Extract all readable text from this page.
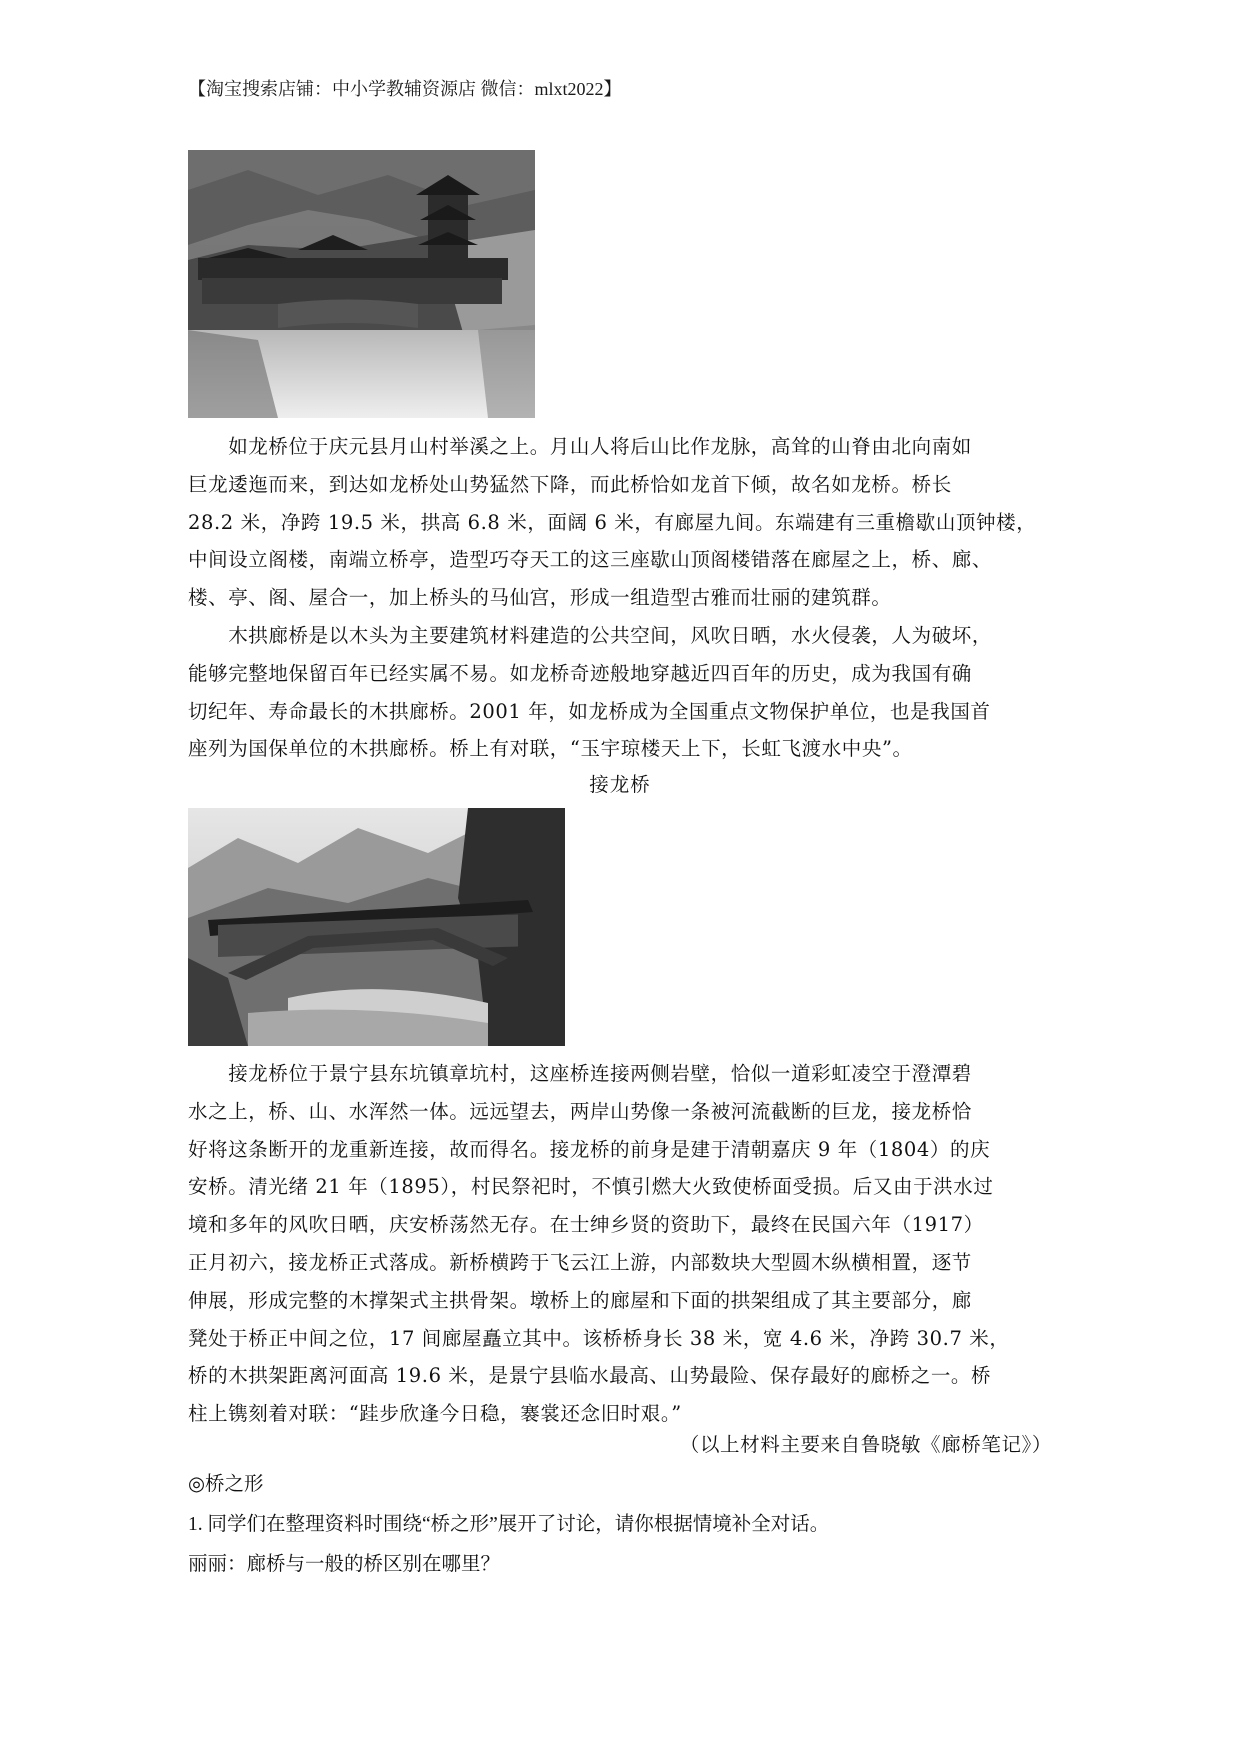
【淘宝搜索店铺：中小学教辅资源店 微信：mlxt2022】
　　如龙桥位于庆元县月山村举溪之上。月山人将后山比作龙脉，高耸的山脊由北向南如
巨龙逶迤而来，到达如龙桥处山势猛然下降，而此桥恰如龙首下倾，故名如龙桥。桥长
28.2 米，净跨 19.5 米，拱高 6.8 米，面阔 6 米，有廊屋九间。东端建有三重檐歇山顶钟楼，
中间设立阁楼，南端立桥亭，造型巧夺天工的这三座歇山顶阁楼错落在廊屋之上，桥、廊、
楼、亭、阁、屋合一，加上桥头的马仙宫，形成一组造型古雅而壮丽的建筑群。
　　木拱廊桥是以木头为主要建筑材料建造的公共空间，风吹日晒，水火侵袭，人为破坏，
能够完整地保留百年已经实属不易。如龙桥奇迹般地穿越近四百年的历史，成为我国有确
切纪年、寿命最长的木拱廊桥。2001 年，如龙桥成为全国重点文物保护单位，也是我国首
座列为国保单位的木拱廊桥。桥上有对联，“玉宇琼楼天上下，长虹飞渡水中央”。
接龙桥
　　接龙桥位于景宁县东坑镇章坑村，这座桥连接两侧岩壁，恰似一道彩虹凌空于澄潭碧
水之上，桥、山、水浑然一体。远远望去，两岸山势像一条被河流截断的巨龙，接龙桥恰
好将这条断开的龙重新连接，故而得名。接龙桥的前身是建于清朝嘉庆 9 年（1804）的庆
安桥。清光绪 21 年（1895），村民祭祀时，不慎引燃大火致使桥面受损。后又由于洪水过
境和多年的风吹日晒，庆安桥荡然无存。在士绅乡贤的资助下，最终在民国六年（1917）
正月初六，接龙桥正式落成。新桥横跨于飞云江上游，内部数块大型圆木纵横相置，逐节
伸展，形成完整的木撑架式主拱骨架。墩桥上的廊屋和下面的拱架组成了其主要部分，廊
凳处于桥正中间之位，17 间廊屋矗立其中。该桥桥身长 38 米，宽 4.6 米，净跨 30.7 米，
桥的木拱架距离河面高 19.6 米，是景宁县临水最高、山势最险、保存最好的廊桥之一。桥
柱上镌刻着对联：“跬步欣逢今日稳，褰裳还念旧时艰。”
（以上材料主要来自鲁晓敏《廊桥笔记》）
◎桥之形
1. 同学们在整理资料时围绕“桥之形”展开了讨论，请你根据情境补全对话。
丽丽：廊桥与一般的桥区别在哪里？
